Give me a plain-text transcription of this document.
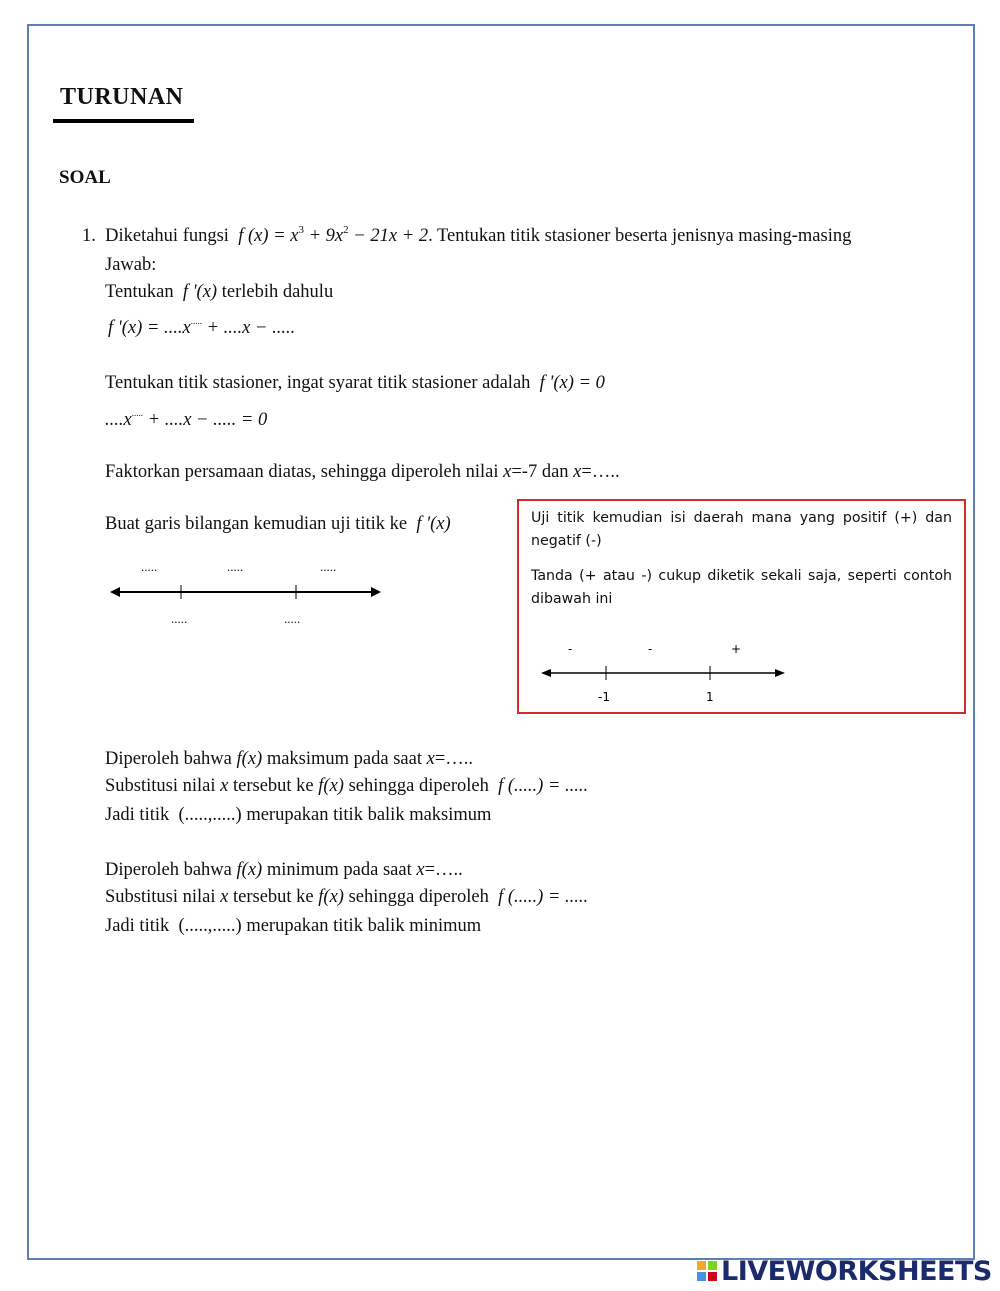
TURUNAN
SOAL
1. Diketahui fungsi f $(x) = x^3 + 9x^2 - 21x + 2$. Tentukan titik stasioner beserta jenisnya masing-masing
Jawab:
Tentukan f '(x) terlebih dahulu
f '(x) = ....x..... + ....x − .....
Tentukan titik stasioner, ingat syarat titik stasioner adalah f '(x) = 0
....x..... + ....x − ..... = 0
Faktorkan persamaan diatas, sehingga diperoleh nilai x=-7 dan x=…..
Buat garis bilangan kemudian uji titik ke f '(x)
.....	.....	.....
.....	.....

Uji titik kemudian isi daerah mana yang positif (+) dan negatif (-)

Tanda (+ atau -) cukup diketik sekali saja, seperti contoh dibawah ini

-	-	+
-1	1
Diperoleh bahwa f(x) maksimum pada saat x=…..
Substitusi nilai x tersebut ke f(x) sehingga diperoleh f (.....) = .....
Jadi titik (.....,.....) merupakan titik balik maksimum
Diperoleh bahwa f(x) minimum pada saat x=…..
Substitusi nilai x tersebut ke f(x) sehingga diperoleh f (.....) = .....
Jadi titik (.....,.....) merupakan titik balik minimum
LIVEWORKSHEETS
